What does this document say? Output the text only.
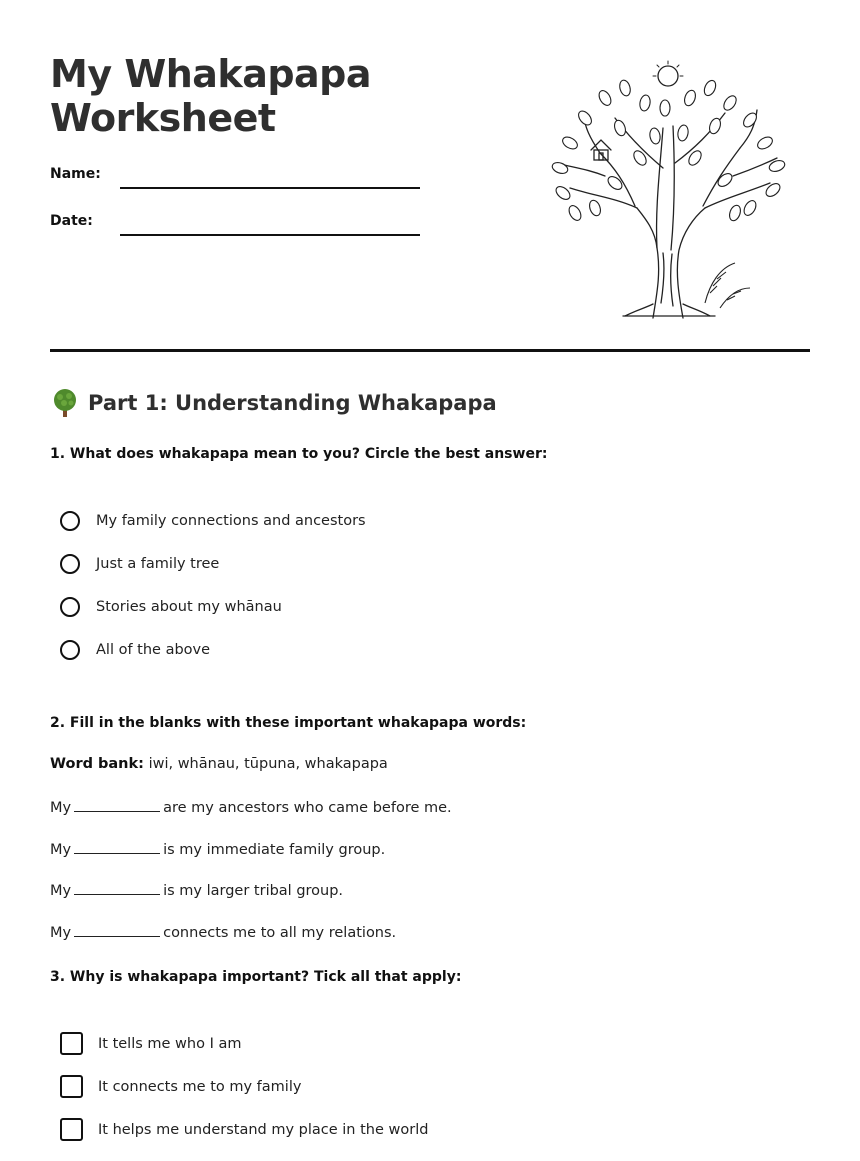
My Whakapapa
Worksheet
Name:
Date:
Part 1: Understanding Whakapapa
1. What does whakapapa mean to you? Circle the best answer:
My family connections and ancestors
Just a family tree
Stories about my whānau
All of the above
2. Fill in the blanks with these important whakapapa words:
Word bank: iwi, whānau, tūpuna, whakapapa
My	are my ancestors who came before me.
My	is my immediate family group.
My	is my larger tribal group.
My	connects me to all my relations.
3. Why is whakapapa important? Tick all that apply:
It tells me who I am
It connects me to my family
It helps me understand my place in the world
